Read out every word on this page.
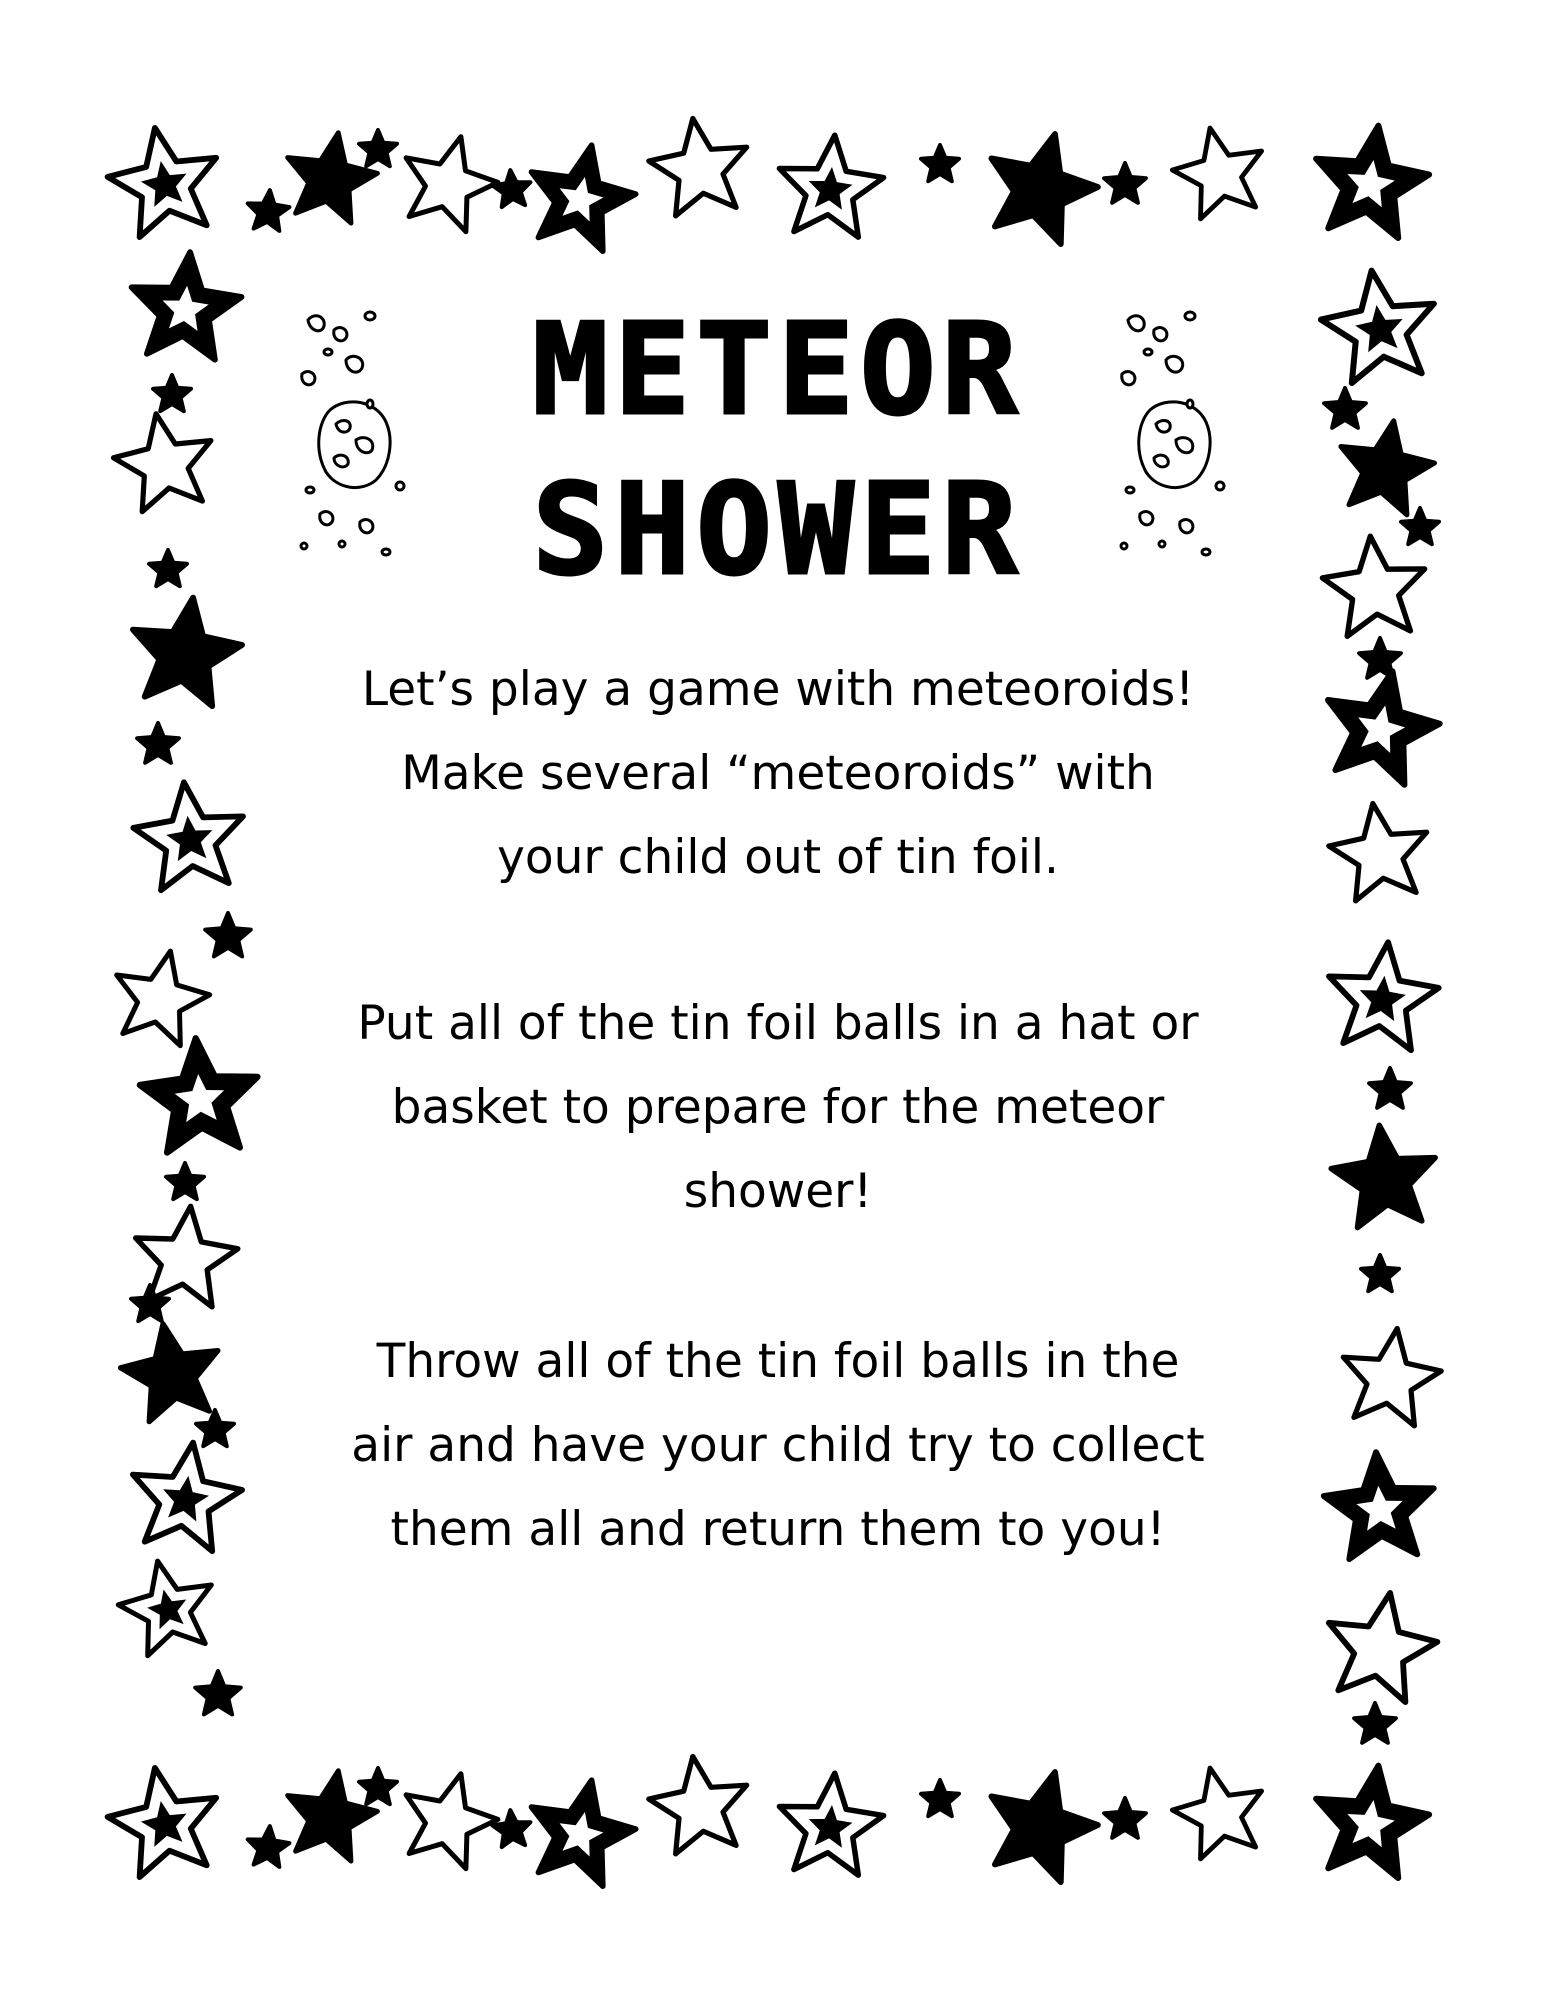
METEOR
SHOWER

Let’s play a game with meteoroids!
Make several “meteoroids” with
your child out of tin foil.

Put all of the tin foil balls in a hat or
basket to prepare for the meteor
shower!

Throw all of the tin foil balls in the
air and have your child try to collect
them all and return them to you!
